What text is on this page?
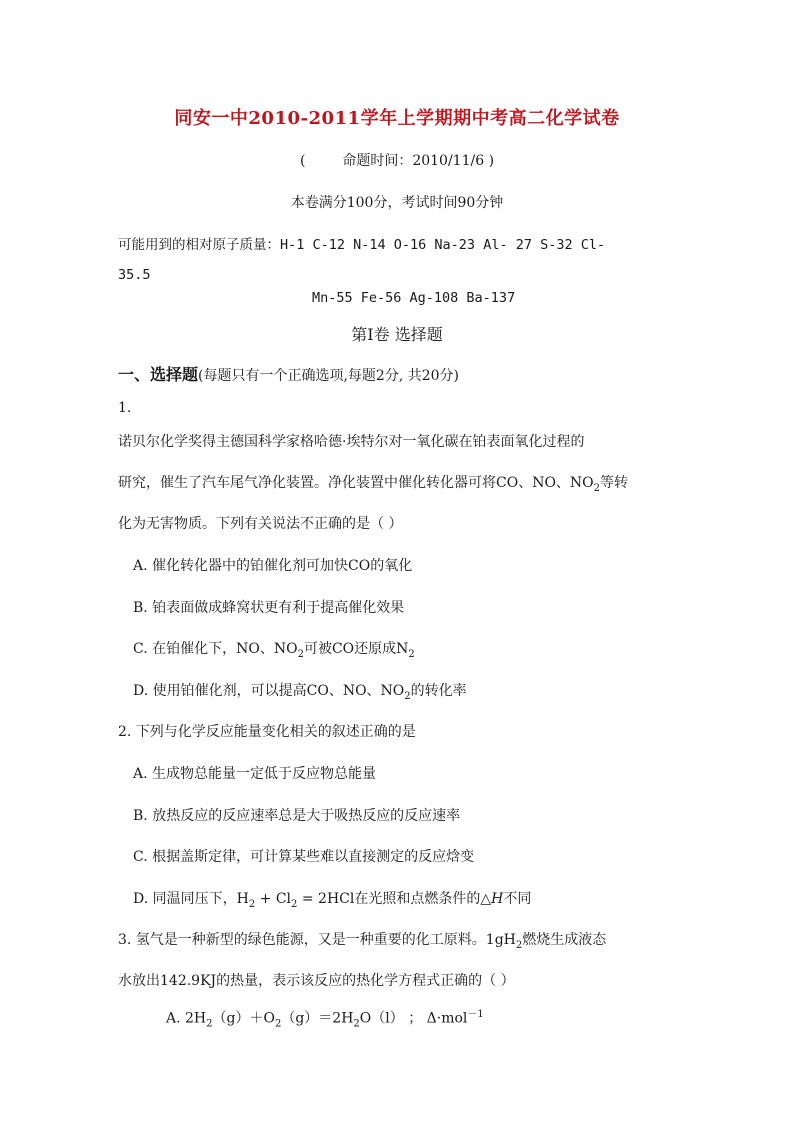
同安一中2010-2011学年上学期期中考高二化学试卷
(	命题时间：2010/11/6 )
本卷满分100分，考试时间90分钟
可能用到的相对原子质量：H-1 C-12 N-14 O-16 Na-23 Al- 27 S-32 Cl-
35.5
Mn-55 Fe-56 Ag-108 Ba-137
第Ⅰ卷 选择题
一、选择题(每题只有一个正确选项,每题2分, 共20分)
1.
诺贝尔化学奖得主德国科学家格哈德·埃特尔对一氧化碳在铂表面氧化过程的
研究，催生了汽车尾气净化装置。净化装置中催化转化器可将CO、NO、$NO_2$等转
化为无害物质。下列有关说法不正确的是（ ）
A. 催化转化器中的铂催化剂可加快CO的氧化
B. 铂表面做成蜂窝状更有利于提高催化效果
C. 在铂催化下，NO、$NO_2$可被CO还原成$N_2$
D. 使用铂催化剂，可以提高CO、NO、$NO_2$的转化率
2. 下列与化学反应能量变化相关的叙述正确的是
A. 生成物总能量一定低于反应物总能量
B. 放热反应的反应速率总是大于吸热反应的反应速率
C. 根据盖斯定律，可计算某些难以直接测定的反应焓变
D. 同温同压下，$H_2 + Cl_2 = 2HCl$在光照和点燃条件的△H不同
3. 氢气是一种新型的绿色能源，又是一种重要的化工原料。$1gH_2$燃烧生成液态
水放出142.9KJ的热量，表示该反应的热化学方程式正确的（ ）
A. $2H_2(g)+O_2(g)=2H_2O(l)$ ； Δ·mol$^{-1}$
